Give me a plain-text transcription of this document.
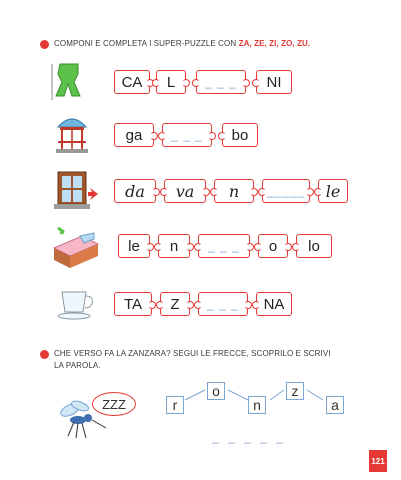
COMPONI E COMPLETA I SUPER-PUZZLE CON ZA, ZE, ZI, ZO, ZU.
CA L _ _ _ NI
ga _ _ _ bo
da va n _____ le
le n _ _ _ o lo
TA Z _ _ _ NA
CHE VERSO FA LA ZANZARA? SEGUI LE FRECCE, SCOPRILO E SCRIVI
LA PAROLA.
ZZZ	r
o
n
z
a
_ _ _ _ _
121
